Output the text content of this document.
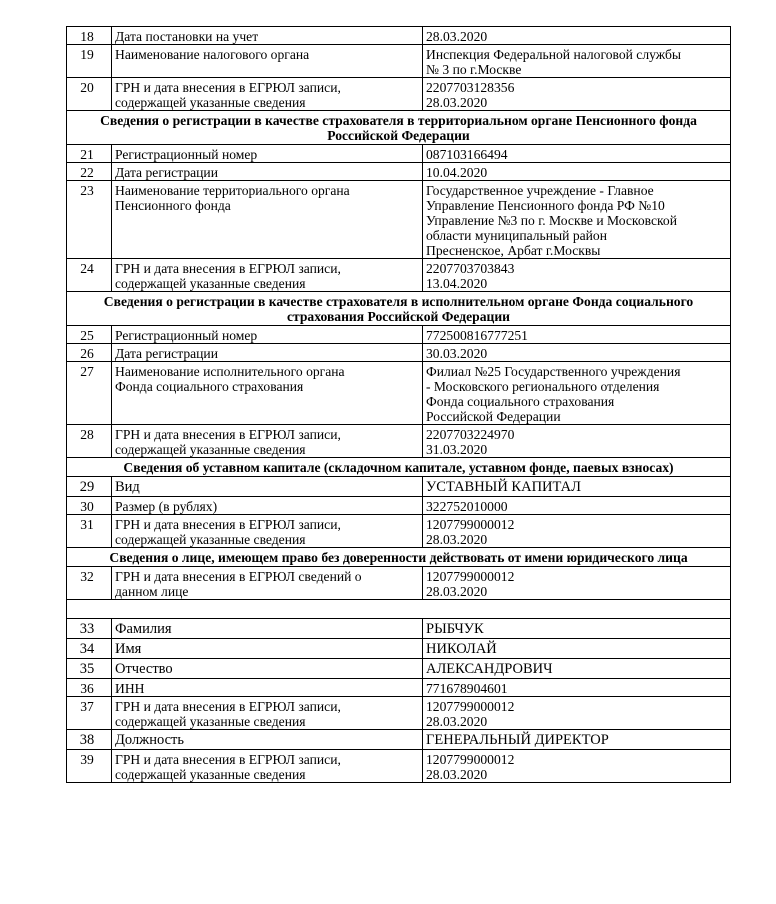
18	Дата постановки на учет	28.03.2020
19	Наименование налогового органа	Инспекция Федеральной налоговой службы
№ 3 по г.Москве
20	ГРН и дата внесения в ЕГРЮЛ записи,
содержащей указанные сведения	2207703128356
28.03.2020
Сведения о регистрации в качестве страхователя в территориальном органе Пенсионного фонда Российской Федерации		
21	Регистрационный номер	087103166494
22	Дата регистрации	10.04.2020
23	Наименование территориального органа
Пенсионного фонда	Государственное учреждение - Главное
Управление Пенсионного фонда РФ №10
Управление №3 по г. Москве и Московской
области муниципальный район
Пресненское, Арбат г.Москвы
24	ГРН и дата внесения в ЕГРЮЛ записи,
содержащей указанные сведения	2207703703843
13.04.2020
Сведения о регистрации в качестве страхователя в исполнительном органе Фонда социального страхования Российской Федерации		
25	Регистрационный номер	772500816777251
26	Дата регистрации	30.03.2020
27	Наименование исполнительного органа
Фонда социального страхования	Филиал №25 Государственного учреждения
- Московского регионального отделения
Фонда социального страхования
Российской Федерации
28	ГРН и дата внесения в ЕГРЮЛ записи,
содержащей указанные сведения	2207703224970
31.03.2020
Сведения об уставном капитале (складочном капитале, уставном фонде, паевых взносах)		
29	Вид	УСТАВНЫЙ КАПИТАЛ
30	Размер (в рублях)	322752010000
31	ГРН и дата внесения в ЕГРЮЛ записи,
содержащей указанные сведения	1207799000012
28.03.2020
Сведения о лице, имеющем право без доверенности действовать от имени юридического лица		
32	ГРН и дата внесения в ЕГРЮЛ сведений о
данном лице	1207799000012
28.03.2020

33	Фамилия	РЫБЧУК
34	Имя	НИКОЛАЙ
35	Отчество	АЛЕКСАНДРОВИЧ
36	ИНН	771678904601
37	ГРН и дата внесения в ЕГРЮЛ записи,
содержащей указанные сведения	1207799000012
28.03.2020
38	Должность	ГЕНЕРАЛЬНЫЙ ДИРЕКТОР
39	ГРН и дата внесения в ЕГРЮЛ записи,
содержащей указанные сведения	1207799000012
28.03.2020
